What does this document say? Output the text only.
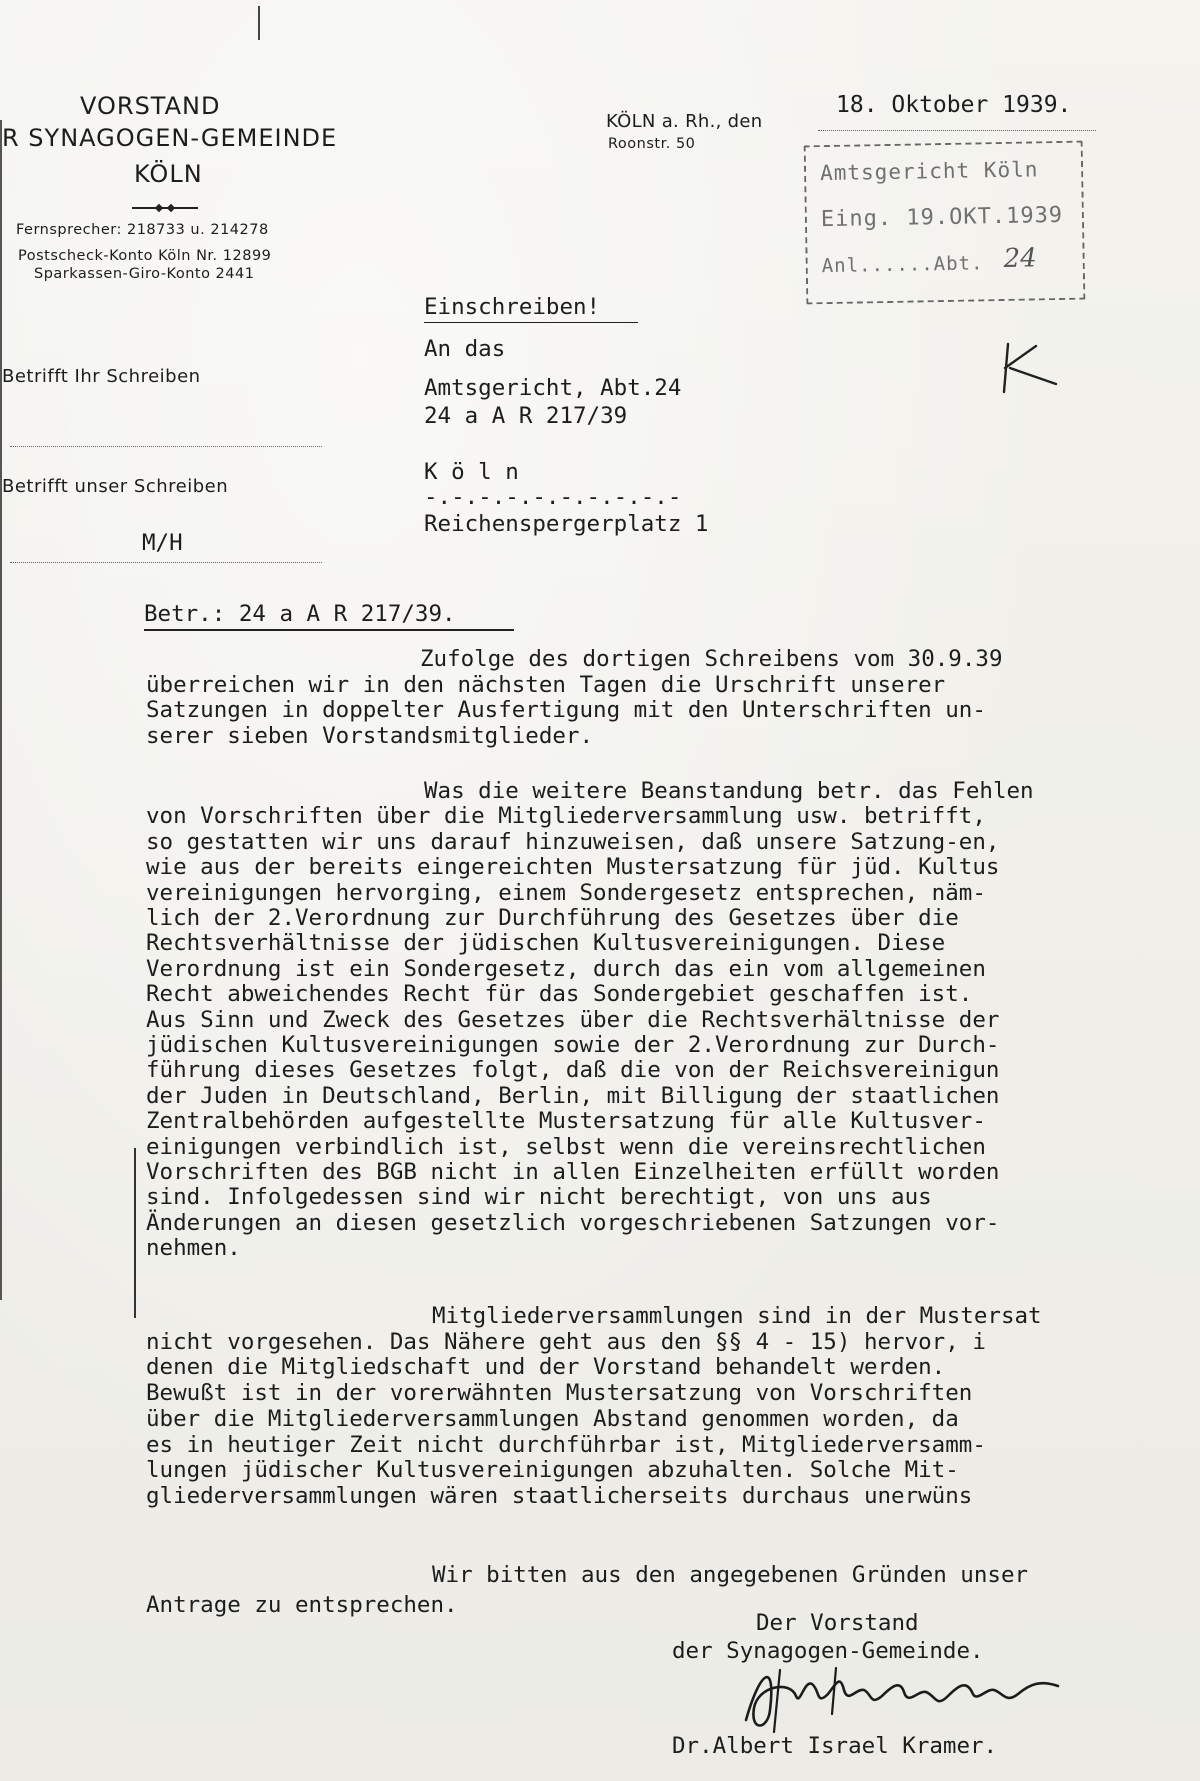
VORSTAND
R SYNAGOGEN-GEMEINDE
KÖLN
Fernsprecher: 218733 u. 214278
Postscheck-Konto Köln Nr. 12899
Sparkassen-Giro-Konto 2441
KÖLN a. Rh., den
Roonstr. 50
18. Oktober 1939.
Amtsgericht Köln
Eing. 19.OKT.1939
Anl......Abt. 24
Betrifft Ihr Schreiben
Betrifft unser Schreiben
M/H
Einschreiben!
An das
Amtsgericht, Abt.24
24 a A R 217/39
K ö l n
-.-.-.-.-.-.-.-.-.-
Reichenspergerplatz 1
K
Betr.: 24 a A R 217/39.
Zufolge des dortigen Schreibens vom 30.9.39
überreichen wir in den nächsten Tagen die Urschrift unserer
Satzungen in doppelter Ausfertigung mit den Unterschriften un-
serer sieben Vorstandsmitglieder.
Was die weitere Beanstandung betr. das Fehlen
von Vorschriften über die Mitgliederversammlung usw. betrifft,
so gestatten wir uns darauf hinzuweisen, daß unsere Satzung-en,
wie aus der bereits eingereichten Mustersatzung für jüd. Kultus
vereinigungen hervorging, einem Sondergesetz entsprechen, näm-
lich der 2.Verordnung zur Durchführung des Gesetzes über die
Rechtsverhältnisse der jüdischen Kultusvereinigungen. Diese
Verordnung ist ein Sondergesetz, durch das ein vom allgemeinen
Recht abweichendes Recht für das Sondergebiet geschaffen ist.
Aus Sinn und Zweck des Gesetzes über die Rechtsverhältnisse der
jüdischen Kultusvereinigungen sowie der 2.Verordnung zur Durch-
führung dieses Gesetzes folgt, daß die von der Reichsvereinigun
der Juden in Deutschland, Berlin, mit Billigung der staatlichen
Zentralbehörden aufgestellte Mustersatzung für alle Kultusver-
einigungen verbindlich ist, selbst wenn die vereinsrechtlichen
Vorschriften des BGB nicht in allen Einzelheiten erfüllt worden
sind. Infolgedessen sind wir nicht berechtigt, von uns aus
Änderungen an diesen gesetzlich vorgeschriebenen Satzungen vor-
nehmen.
Mitgliederversammlungen sind in der Mustersat
nicht vorgesehen. Das Nähere geht aus den §§ 4 - 15) hervor, i
denen die Mitgliedschaft und der Vorstand behandelt werden.
Bewußt ist in der vorerwähnten Mustersatzung von Vorschriften
über die Mitgliederversammlungen Abstand genommen worden, da
es in heutiger Zeit nicht durchführbar ist, Mitgliederversamm-
lungen jüdischer Kultusvereinigungen abzuhalten. Solche Mit-
gliederversammlungen wären staatlicherseits durchaus unerwüns
Wir bitten aus den angegebenen Gründen unser
Antrage zu entsprechen.
Der Vorstand
der Synagogen-Gemeinde.
Dr.Albert Israel Kramer.
